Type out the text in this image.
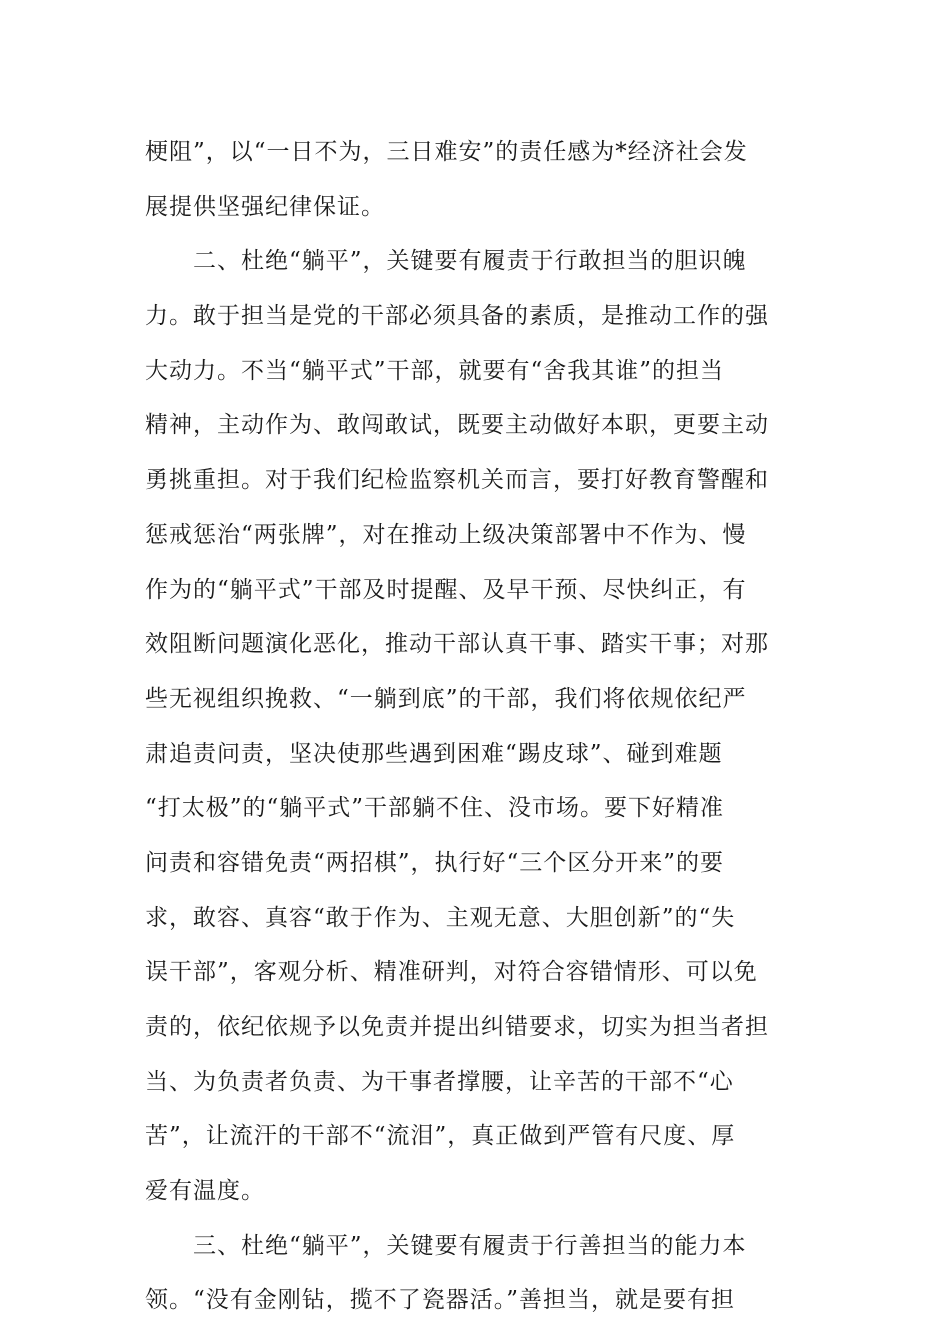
梗阻”，以“一日不为，三日难安”的责任感为*经济社会发
展提供坚强纪律保证。
二、杜绝“躺平”，关键要有履责于行敢担当的胆识魄
力。敢于担当是党的干部必须具备的素质，是推动工作的强
大动力。不当“躺平式”干部，就要有“舍我其谁”的担当
精神，主动作为、敢闯敢试，既要主动做好本职，更要主动
勇挑重担。对于我们纪检监察机关而言，要打好教育警醒和
惩戒惩治“两张牌”，对在推动上级决策部署中不作为、慢
作为的“躺平式”干部及时提醒、及早干预、尽快纠正，有
效阻断问题演化恶化，推动干部认真干事、踏实干事；对那
些无视组织挽救、“一躺到底”的干部，我们将依规依纪严
肃追责问责，坚决使那些遇到困难“踢皮球”、碰到难题
“打太极”的“躺平式”干部躺不住、没市场。要下好精准
问责和容错免责“两招棋”，执行好“三个区分开来”的要
求，敢容、真容“敢于作为、主观无意、大胆创新”的“失
误干部”，客观分析、精准研判，对符合容错情形、可以免
责的，依纪依规予以免责并提出纠错要求，切实为担当者担
当、为负责者负责、为干事者撑腰，让辛苦的干部不“心
苦”，让流汗的干部不“流泪”，真正做到严管有尺度、厚
爱有温度。
三、杜绝“躺平”，关键要有履责于行善担当的能力本
领。“没有金刚钻，揽不了瓷器活。”善担当，就是要有担
